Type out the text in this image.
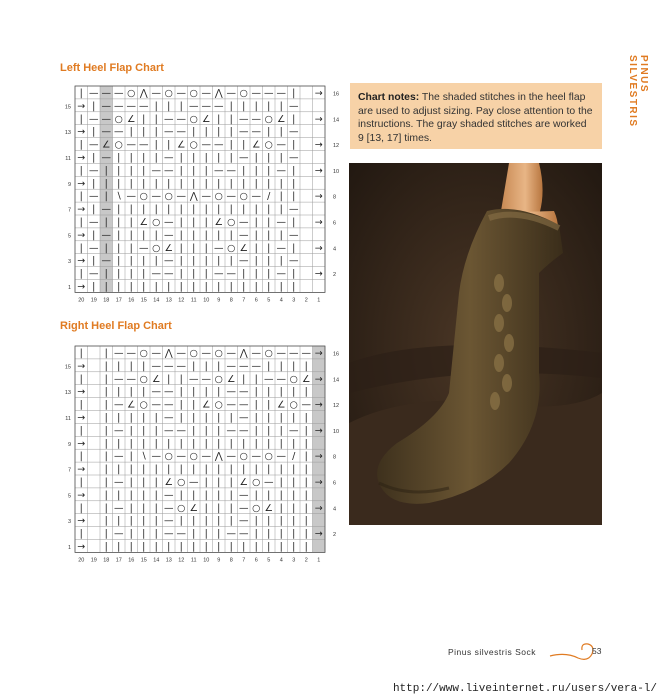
PINUS SILVESTRIS
Left Heel Flap Chart
| — — — ○ ⋀ — ○ — ○ — ⋀ — ○ — — — | →
→ | — — — — | | | — — — | | | | | —
| — — ○ ∠ | | — — ○ ∠ | | — — ○ ∠ | →
→ | — — | | | — — | | | | — — | | —
| — ∠ ○ — — | | ∠ ○ — — | | ∠ ○ — | →
→ | — | | | | — | | | | | — | | | —
| — | | | | — — | | | — — | | | — | →
→ | | | | | | | | | | | | | | | | |
| — | ∖ — ○ — ○ — ⋀ — ○ — ○ — / | | →
→ | — | | | | | | | | | | | | | | —
| — | | | ∠ ○ — | | | ∠ ○ — | | — | →
→ | — | | | | — | | | | | — | | | —
| — | | | — ○ ∠ | | | — ○ ∠ | | — | →
→ | — | | | | — | | | | | — | | | —
| — | | | | — — | | | — — | | | — | →
→ | | | | | | | | | | | | | | | | |
15
13
11
9
7
5
3
1
16
14
12
10
8
6
4
2
20 19 18 17 16 15 14 13 12 11 10 9 8 7 6 5 4 3 2 1
Right Heel Flap Chart
| | — — ○ — ⋀ — ○ — ○ — ⋀ — ○ — — — →
→ | | | | — — — | | | — — — | | | |
| | — — ○ ∠ | | — — ○ ∠ | | — — ○ ∠ →
→ | | | | — — | | | | — — | | | | |
| | — ∠ ○ — — | | ∠ ○ — — | | ∠ ○ — →
→ | | | | | — | | | | | — | | | | |
| | — | | | — — | | | — — | | | — | →
→ | | | | | | | | | | | | | | | | |
| | — | ∖ — ○ — ○ — ⋀ — ○ — ○ — / | →
→ | | | | | | | | | | | | | | | | |
| | — | | | ∠ ○ — | | | ∠ ○ — | | | →
→ | | | | | — | | | | | — | | | | |
| | — | | | — ○ ∠ | | | — ○ ∠ | | | →
→ | | | | | — | | | | | — | | | | |
| | — | | | — — | | | — — | | | | | →
→ | | | | | | | | | | | | | | | | |
15
13
11
9
7
5
3
1
16
14
12
10
8
6
4
2
20 19 18 17 16 15 14 13 12 11 10 9 8 7 6 5 4 3 2 1
Chart notes: The shaded stitches in the heel flap are used to adjust sizing. Pay close attention to the instructions. The gray shaded stitches are worked 9 [13, 17] times.
Pinus silvestris Sock	53
http://www.liveinternet.ru/users/vera-l/
